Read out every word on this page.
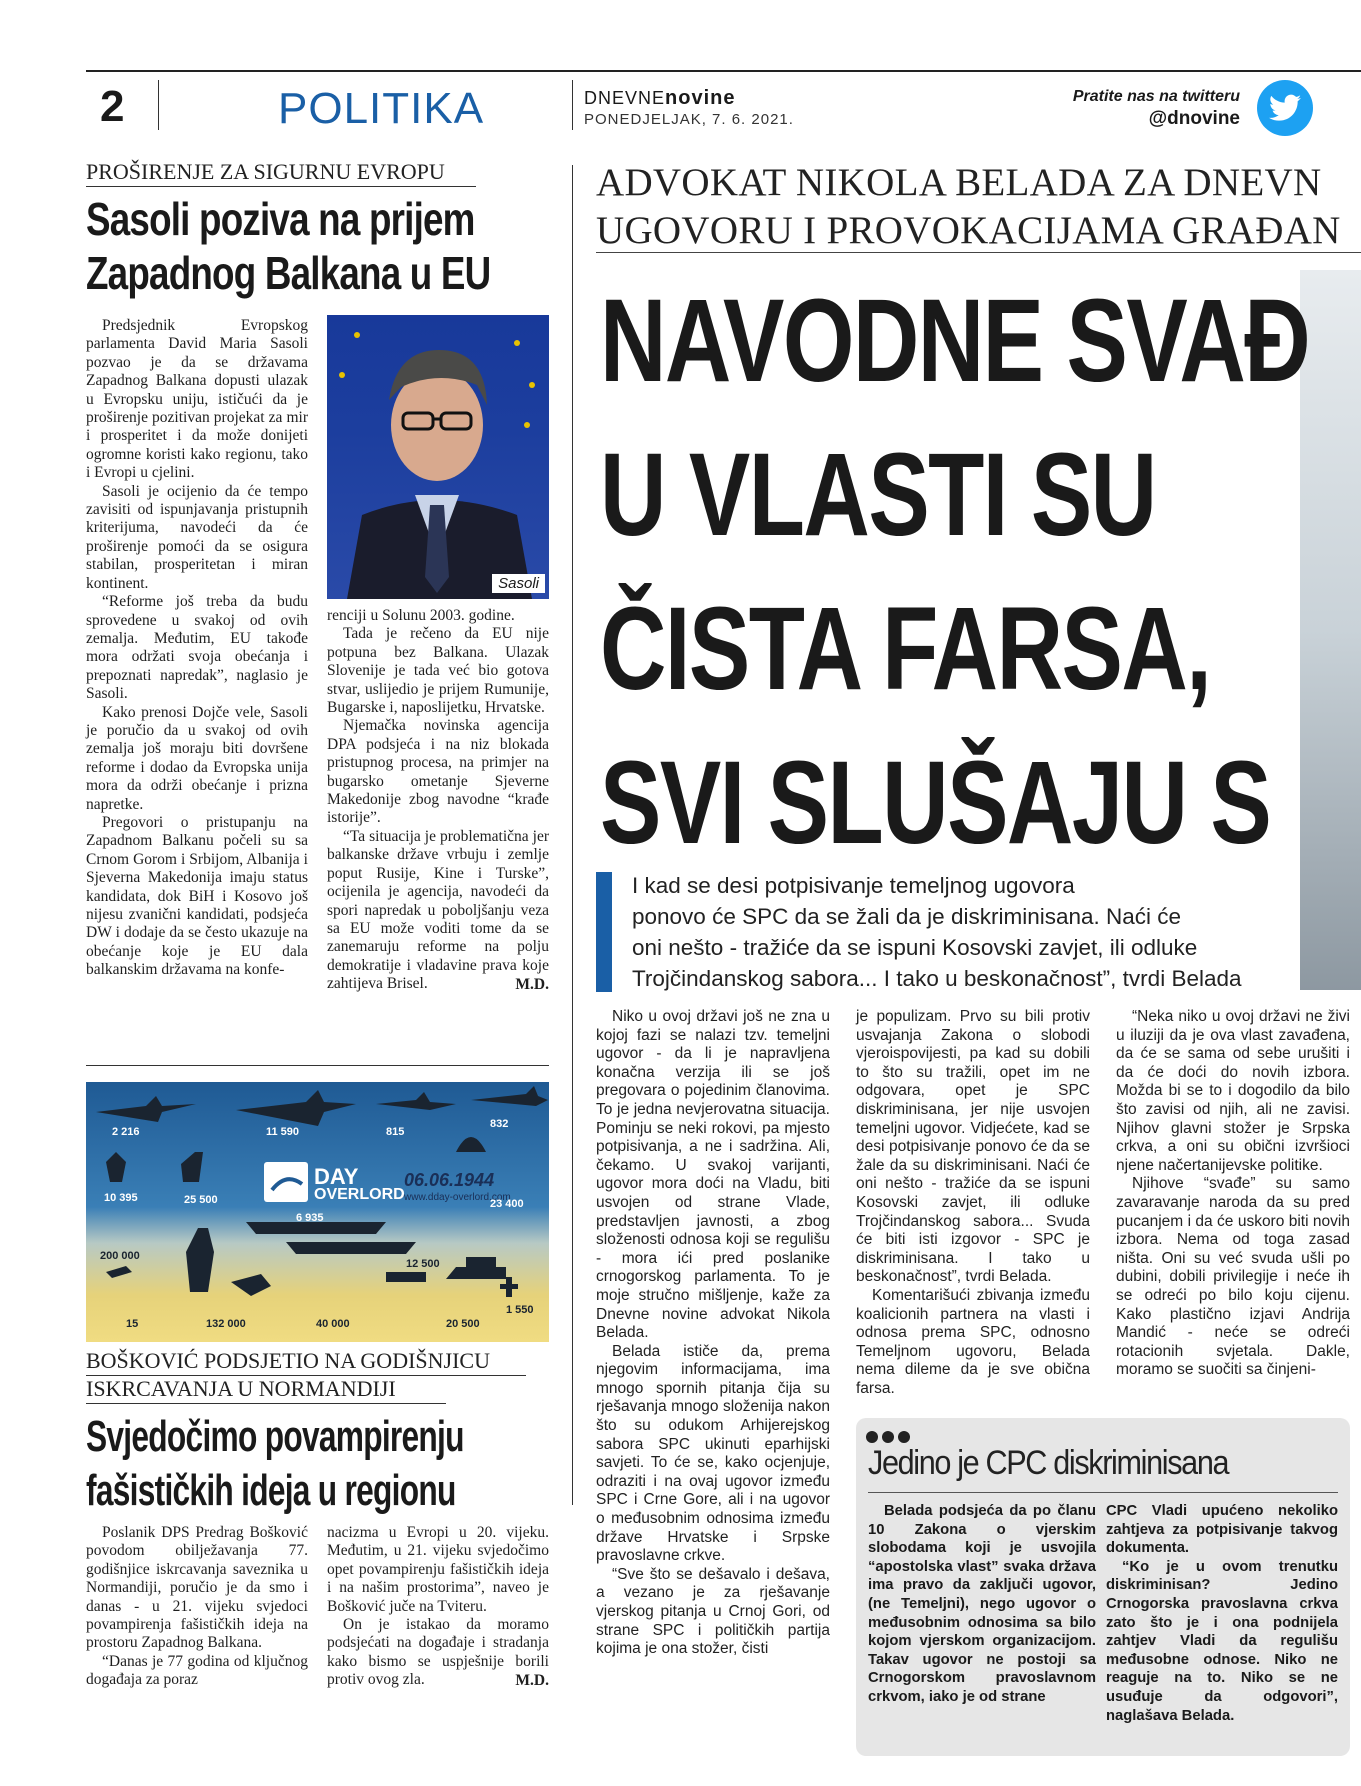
2	POLITIKA	DNEVNEnovine
PONEDJELJAK, 7. 6. 2021.
Pratite nas na twitteru
@dnovine
PROŠIRENJE ZA SIGURNU EVROPU
Sasoli poziva na prijem
Zapadnog Balkana u EU
Sasoli

Predsjednik Evropskog parlamenta David Maria Sasoli pozvao je da se državama Zapadnog Balkana dopusti ulazak u Evropsku uniju, ističući da je proširenje pozitivan projekat za mir i prosperitet i da može donijeti ogromne koristi kako regionu, tako i Evropi u cjelini.

Sasoli je ocijenio da će tempo zavisiti od ispunjavanja pristupnih kriterijuma, navodeći da će proširenje pomoći da se osigura stabilan, prosperitetan i miran kontinent.

“Reforme još treba da budu sprovedene u svakoj od ovih zemalja. Međutim, EU takođe mora održati svoja obećanja i prepoznati napredak”, naglasio je Sasoli.

Kako prenosi Dojče vele, Sasoli je poručio da u svakoj od ovih zemalja još moraju biti dovršene reforme i dodao da Evropska unija mora da održi obećanje i prizna napretke.

Pregovori o pristupanju na Zapadnom Balkanu počeli su sa Crnom Gorom i Srbijom, Albanija i Sjeverna Makedonija imaju status kandidata, dok BiH i Kosovo još nijesu zvanični kandidati, podsjeća DW i dodaje da se često ukazuje na obećanje koje je EU dala balkanskim državama na konfe-

renciji u Solunu 2003. godine.

Tada je rečeno da EU nije potpuna bez Balkana. Ulazak Slovenije je tada već bio gotova stvar, uslijedio je prijem Rumunije, Bugarske i, naposlijetku, Hrvatske.

Njemačka novinska agencija DPA podsjeća i na niz blokada pristupnog procesa, na primjer na bugarsko ometanje Sjeverne Makedonije zbog navodne “krađe istorije”.

“Ta situacija je problematična jer balkanske države vrbuju i zemlje poput Rusije, Kine i Turske”, ocijenila je agencija, navodeći da spori napredak u poboljšanju veza sa EU može voditi tome da se zanemaruju reforme na polju demokratije i vladavine prava koje zahtijeva Brisel.	M.D.
DAY
OVERLORD
06.06.1944
www.dday-overlord.com
2 216	11 590	815
832
10 395	25 500
6 935
23 400
200 000
12 500
1 550
15	132 000	40 000	20 500
BOŠKOVIĆ PODSJETIO NA GODIŠNJICU
ISKRCAVANJA U NORMANDIJI
Svjedočimo povampirenju
fašističkih ideja u regionu

Poslanik DPS Predrag Bošković povodom obilježavanja 77. godišnjice iskrcavanja saveznika u Normandiji, poručio je da smo i danas - u 21. vijeku svjedoci povampirenja fašističkih ideja na prostoru Zapadnog Balkana.

“Danas je 77 godina od ključnog događaja za poraz

nacizma u Evropi u 20. vijeku. Međutim, u 21. vijeku svjedočimo opet povampirenju fašističkih ideja i na našim prostorima”, naveo je Bošković juče na Tviteru.

On je istakao da moramo podsjećati na događaje i stradanja kako bismo se uspješnije borili protiv ovog zla.	M.D.
ADVOKAT NIKOLA BELADA ZA DNEVN
UGOVORU I PROVOKACIJAMA GRAĐAN
NAVODNE SVAĐ
U VLASTI SU
ČISTA FARSA,
SVI SLUŠAJU S
I kad se desi potpisivanje temeljnog ugovora
ponovo će SPC da se žali da je diskriminisana. Naći će
oni nešto - tražiće da se ispuni Kosovski zavjet, ili odluke
Trojčindanskog sabora... I tako u beskonačnost”, tvrdi Belada

Niko u ovoj državi još ne zna u kojoj fazi se nalazi tzv. temeljni ugovor - da li je napravljena konačna verzija ili se još pregovara o pojedinim članovima. To je jedna nevjerovatna situacija. Pominju se neki rokovi, pa mjesto potpisivanja, a ne i sadržina. Ali, čekamo. U svakoj varijanti, ugovor mora doći na Vladu, biti usvojen od strane Vlade, predstavljen javnosti, a zbog složenosti odnosa koji se regulišu - mora ići pred poslanike crnogorskog parlamenta. To je moje stručno mišljenje, kaže za Dnevne novine advokat Nikola Belada.

Belada ističe da, prema njegovim informacijama, ima mnogo spornih pitanja čija su rješavanja mnogo složenija nakon što su odukom Arhijerejskog sabora SPC ukinuti eparhijski savjeti. To će se, kako ocjenjuje, odraziti i na ovaj ugovor između SPC i Crne Gore, ali i na ugovor o međusobnim odnosima između države Hrvatske i Srpske pravoslavne crkve.

“Sve što se dešavalo i dešava, a vezano je za rješavanje vjerskog pitanja u Crnoj Gori, od strane SPC i političkih partija kojima je ona stožer, čisti

je populizam. Prvo su bili protiv usvajanja Zakona o slobodi vjeroispovijesti, pa kad su dobili to što su tražili, opet im ne odgovara, opet je SPC diskriminisana, jer nije usvojen temeljni ugovor. Vidjećete, kad se desi potpisivanje ponovo će da se žale da su diskriminisani. Naći će oni nešto - tražiće da se ispuni Kosovski zavjet, ili odluke Trojčindanskog sabora... Svuda će biti isti izgovor - SPC je diskriminisana. I tako u beskonačnost”, tvrdi Belada.

Komentarišući zbivanja između koalicionih partnera na vlasti i odnosa prema SPC, odnosno Temeljnom ugovoru, Belada nema dileme da je sve obična farsa.

“Neka niko u ovoj državi ne živi u iluziji da je ova vlast zavađena, da će se sama od sebe urušiti i da će doći do novih izbora. Možda bi se to i dogodilo da bilo što zavisi od njih, ali ne zavisi. Njihov glavni stožer je Srpska crkva, a oni su obični izvršioci njene načertanijevske politike.

Njihove “svađe” su samo zavaravanje naroda da su pred pucanjem i da će uskoro biti novih izbora. Nema od toga zasad ništa. Oni su već svuda ušli po dubini, dobili privilegije i neće ih se odreći po bilo koju cijenu. Kako plastično izjavi Andrija Mandić - neće se odreći rotacionih svjetala. Dakle, moramo se suočiti sa činjeni-

Jedino je CPC diskriminisana

Belada podsjeća da po članu 10 Zakona o vjerskim slobodama koji je usvojila “apostolska vlast” svaka država ima pravo da zaključi ugovor, (ne Temeljni), nego ugovor o međusobnim odnosima sa bilo kojom vjerskom organizacijom. Takav ugovor ne postoji sa Crnogorskom pravoslavnom crkvom, iako je od strane

CPC Vladi upućeno nekoliko zahtjeva za potpisivanje takvog dokumenta.

“Ko je u ovom trenutku diskriminisan? Jedino Crnogorska pravoslavna crkva zato što je i ona podnijela zahtjev Vladi da regulišu međusobne odnose. Niko ne reaguje na to. Niko se ne usuđuje da odgovori”, naglašava Belada.
